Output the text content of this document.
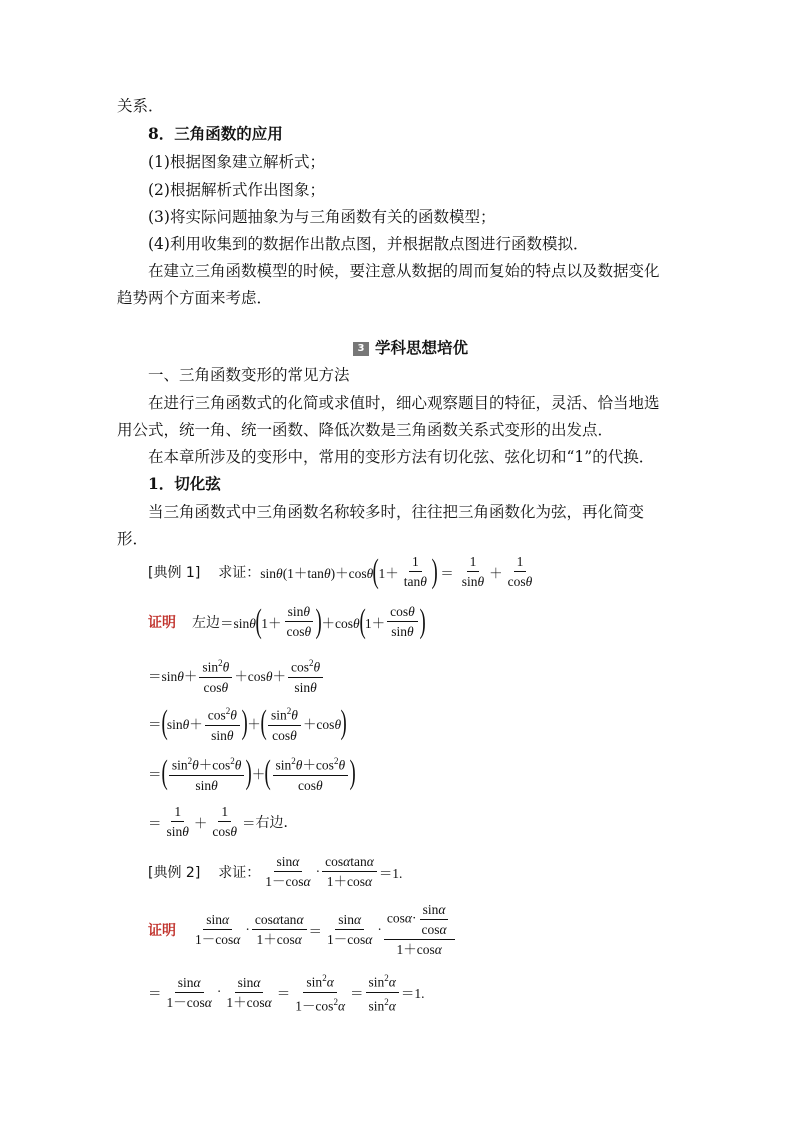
关系．
8．三角函数的应用
(1)根据图象建立解析式；
(2)根据解析式作出图象；
(3)将实际问题抽象为与三角函数有关的函数模型；
(4)利用收集到的数据作出散点图，并根据散点图进行函数模拟．
在建立三角函数模型的时候，要注意从数据的周而复始的特点以及数据变化
趋势两个方面来考虑．
3 学科思想培优
一、三角函数变形的常见方法
在进行三角函数式的化简或求值时，细心观察题目的特征，灵活、恰当地选
用公式，统一角、统一函数、降低次数是三角函数关系式变形的出发点．
在本章所涉及的变形中，常用的变形方法有切化弦、弦化切和“1”的代换．
1．切化弦
当三角函数式中三角函数名称较多时，往往把三角函数化为弦，再化简变
形．
[典例 1] 求证： sinθ(1＋tanθ)＋cosθ ( $1+ \frac{1}{\tan\theta}$ ) ＝ $\frac{1}{\sin\theta} + \frac{1}{\cos\theta}$
证明 左边 ＝sinθ ( $1+ \frac{\sin\theta}{\cos\theta}$ ) ＋cosθ ( $1+ \frac{\cos\theta}{\sin\theta}$ )
$=\sin\theta+ \frac{\sin^2\theta}{\cos\theta} +\cos\theta+ \frac{\cos^2\theta}{\sin\theta}$
＝ ( $\sin\theta+ \frac{\cos^2\theta}{\sin\theta}$ ) ＋ ( $\frac{\sin^2\theta}{\cos\theta} +\cos\theta$ )
＝ ( $\frac{\sin^2\theta+\cos^2\theta}{\sin\theta}$ ) ＋ ( $\frac{\sin^2\theta+\cos^2\theta}{\cos\theta}$ )
＝ $\frac{1}{\sin\theta} + \frac{1}{\cos\theta}$ ＝ 右边 ．
[典例 2] 求证： $\frac{\sin\alpha}{1-\cos\alpha} \cdot \frac{\cos\alpha\tan\alpha}{1+\cos\alpha} =1$.
证明 $\frac{\sin\alpha}{1-\cos\alpha} \cdot \frac{\cos\alpha\tan\alpha}{1+\cos\alpha} = \frac{\sin\alpha}{1-\cos\alpha} \cdot \frac{\cos\alpha\cdot \frac{\sin\alpha}{\cos\alpha}}{1+\cos\alpha}$
＝ $\frac{\sin\alpha}{1-\cos\alpha} \cdot \frac{\sin\alpha}{1+\cos\alpha} = \frac{\sin^2\alpha}{1-\cos^2\alpha} = \frac{\sin^2\alpha}{\sin^2\alpha} =1$.
